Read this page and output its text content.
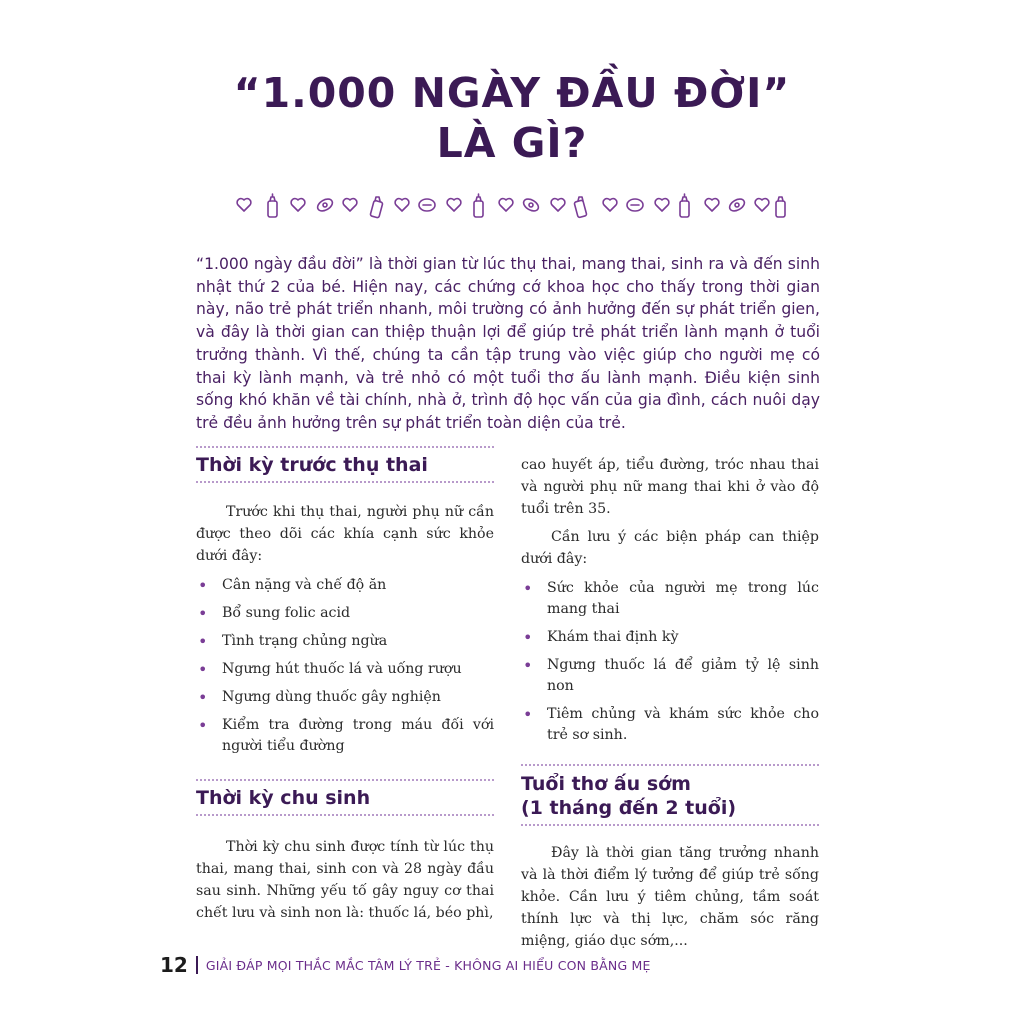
“1.000 NGÀY ĐẦU ĐỜI”
LÀ GÌ?

“1.000 ngày đầu đời” là thời gian từ lúc thụ thai, mang thai, sinh ra và đến sinh nhật thứ 2 của bé. Hiện nay, các chứng cớ khoa học cho thấy trong thời gian này, não trẻ phát triển nhanh, môi trường có ảnh hưởng đến sự phát triển gien, và đây là thời gian can thiệp thuận lợi để giúp trẻ phát triển lành mạnh ở tuổi trưởng thành. Vì thế, chúng ta cần tập trung vào việc giúp cho người mẹ có thai kỳ lành mạnh, và trẻ nhỏ có một tuổi thơ ấu lành mạnh. Điều kiện sinh sống khó khăn về tài chính, nhà ở, trình độ học vấn của gia đình, cách nuôi dạy trẻ đều ảnh hưởng trên sự phát triển toàn diện của trẻ.

Thời kỳ trước thụ thai

Trước khi thụ thai, người phụ nữ cần được theo dõi các khía cạnh sức khỏe dưới đây:

• Cân nặng và chế độ ăn
• Bổ sung folic acid
• Tình trạng chủng ngừa
• Ngưng hút thuốc lá và uống rượu
• Ngưng dùng thuốc gây nghiện
• Kiểm tra đường trong máu đối với người tiểu đường
Thời kỳ chu sinh

Thời kỳ chu sinh được tính từ lúc thụ thai, mang thai, sinh con và 28 ngày đầu sau sinh. Những yếu tố gây nguy cơ thai chết lưu và sinh non là: thuốc lá, béo phì,

cao huyết áp, tiểu đường, tróc nhau thai và người phụ nữ mang thai khi ở vào độ tuổi trên 35.

Cần lưu ý các biện pháp can thiệp dưới đây:

• Sức khỏe của người mẹ trong lúc mang thai
• Khám thai định kỳ
• Ngưng thuốc lá để giảm tỷ lệ sinh non
• Tiêm chủng và khám sức khỏe cho trẻ sơ sinh.
Tuổi thơ ấu sớm
(1 tháng đến 2 tuổi)

Đây là thời gian tăng trưởng nhanh và là thời điểm lý tưởng để giúp trẻ sống khỏe. Cần lưu ý tiêm chủng, tầm soát thính lực và thị lực, chăm sóc răng miệng, giáo dục sớm,...

12 GIẢI ĐÁP MỌI THẮC MẮC TÂM LÝ TRẺ - KHÔNG AI HIỂU CON BẰNG MẸ
